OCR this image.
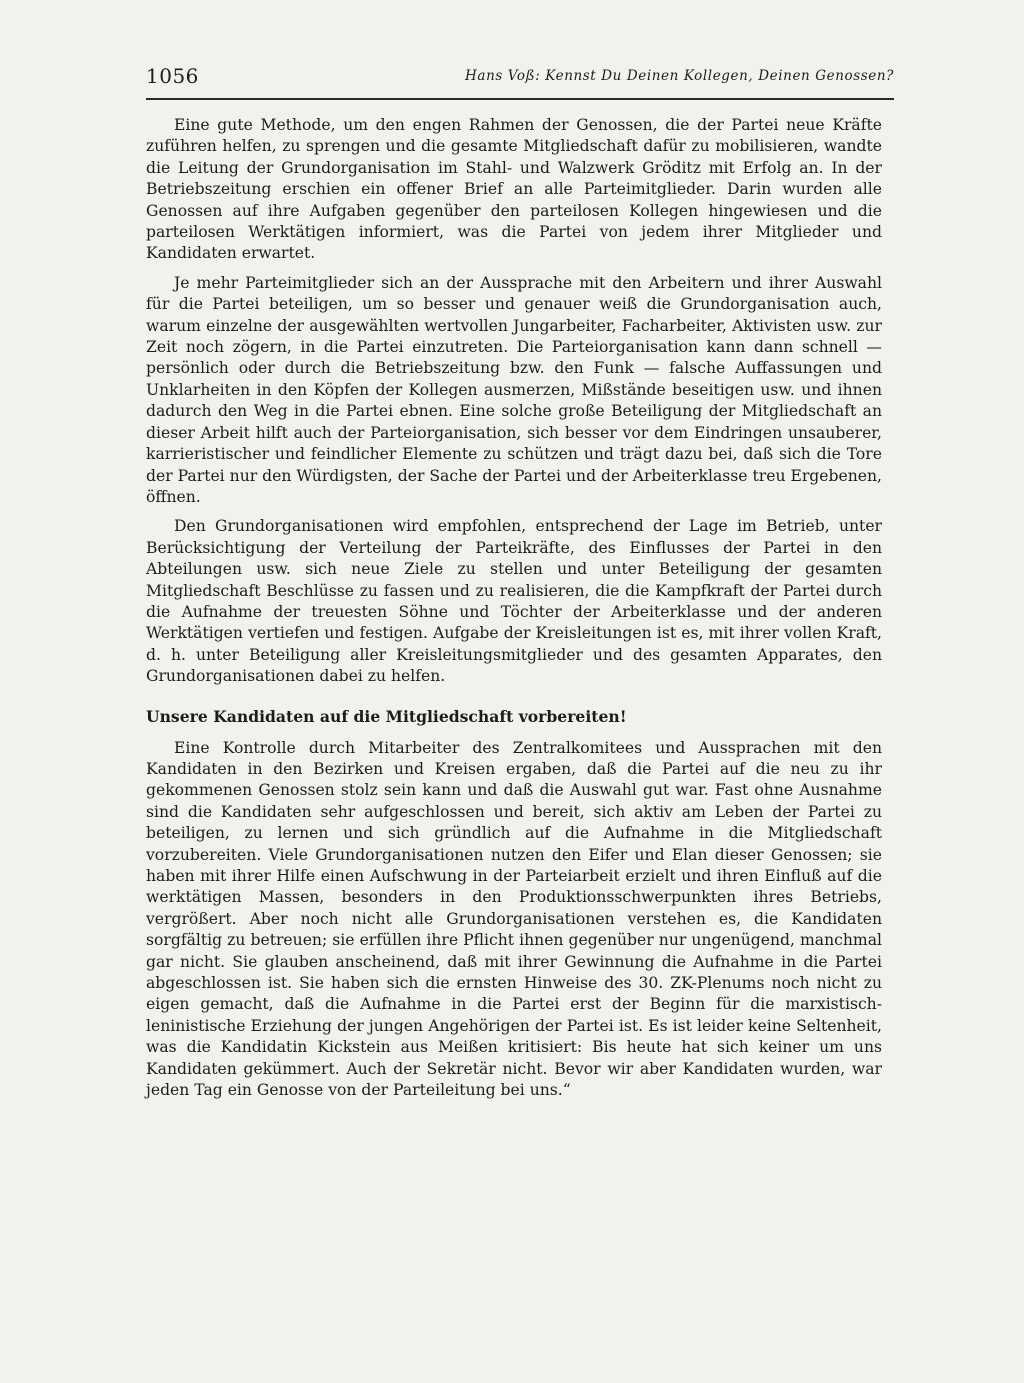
1056	Hans Voß: Kennst Du Deinen Kollegen, Deinen Genossen?

Eine gute Methode, um den engen Rahmen der Genossen, die der Partei neue Kräfte zuführen helfen, zu sprengen und die gesamte Mitgliedschaft dafür zu mobilisieren, wandte die Leitung der Grundorganisation im Stahl- und Walzwerk Gröditz mit Erfolg an. In der Betriebszeitung erschien ein offener Brief an alle Parteimitglieder. Darin wurden alle Genossen auf ihre Aufgaben gegenüber den parteilosen Kollegen hingewiesen und die parteilosen Werktätigen informiert, was die Partei von jedem ihrer Mitglieder und Kandidaten erwartet.

Je mehr Parteimitglieder sich an der Aussprache mit den Arbeitern und ihrer Auswahl für die Partei beteiligen, um so besser und genauer weiß die Grundorganisation auch, warum einzelne der ausgewählten wertvollen Jungarbeiter, Facharbeiter, Aktivisten usw. zur Zeit noch zögern, in die Partei einzutreten. Die Parteiorganisation kann dann schnell — persönlich oder durch die Betriebszeitung bzw. den Funk — falsche Auffassungen und Unklarheiten in den Köpfen der Kollegen ausmerzen, Mißstände beseitigen usw. und ihnen dadurch den Weg in die Partei ebnen. Eine solche große Beteiligung der Mitgliedschaft an dieser Arbeit hilft auch der Parteiorganisation, sich besser vor dem Eindringen unsauberer, karrieristischer und feindlicher Elemente zu schützen und trägt dazu bei, daß sich die Tore der Partei nur den Würdigsten, der Sache der Partei und der Arbeiterklasse treu Ergebenen, öffnen.

Den Grundorganisationen wird empfohlen, entsprechend der Lage im Betrieb, unter Berücksichtigung der Verteilung der Parteikräfte, des Einflusses der Partei in den Abteilungen usw. sich neue Ziele zu stellen und unter Beteiligung der gesamten Mitgliedschaft Beschlüsse zu fassen und zu realisieren, die die Kampfkraft der Partei durch die Aufnahme der treuesten Söhne und Töchter der Arbeiterklasse und der anderen Werktätigen vertiefen und festigen. Aufgabe der Kreisleitungen ist es, mit ihrer vollen Kraft, d. h. unter Beteiligung aller Kreisleitungsmitglieder und des gesamten Apparates, den Grundorganisationen dabei zu helfen.

Unsere Kandidaten auf die Mitgliedschaft vorbereiten!

Eine Kontrolle durch Mitarbeiter des Zentralkomitees und Aussprachen mit den Kandidaten in den Bezirken und Kreisen ergaben, daß die Partei auf die neu zu ihr gekommenen Genossen stolz sein kann und daß die Auswahl gut war. Fast ohne Ausnahme sind die Kandidaten sehr aufgeschlossen und bereit, sich aktiv am Leben der Partei zu beteiligen, zu lernen und sich gründlich auf die Aufnahme in die Mitgliedschaft vorzubereiten. Viele Grundorganisationen nutzen den Eifer und Elan dieser Genossen; sie haben mit ihrer Hilfe einen Aufschwung in der Parteiarbeit erzielt und ihren Einfluß auf die werktätigen Massen, besonders in den Produktionsschwerpunkten ihres Betriebs, vergrößert. Aber noch nicht alle Grundorganisationen verstehen es, die Kandidaten sorgfältig zu betreuen; sie erfüllen ihre Pflicht ihnen gegenüber nur ungenügend, manchmal gar nicht. Sie glauben anscheinend, daß mit ihrer Gewinnung die Aufnahme in die Partei abgeschlossen ist. Sie haben sich die ernsten Hinweise des 30. ZK-Plenums noch nicht zu eigen gemacht, daß die Aufnahme in die Partei erst der Beginn für die marxistisch-leninistische Erziehung der jungen Angehörigen der Partei ist. Es ist leider keine Seltenheit, was die Kandidatin Kickstein aus Meißen kritisiert: Bis heute hat sich keiner um uns Kandidaten gekümmert. Auch der Sekretär nicht. Bevor wir aber Kandidaten wurden, war jeden Tag ein Genosse von der Parteileitung bei uns.“
